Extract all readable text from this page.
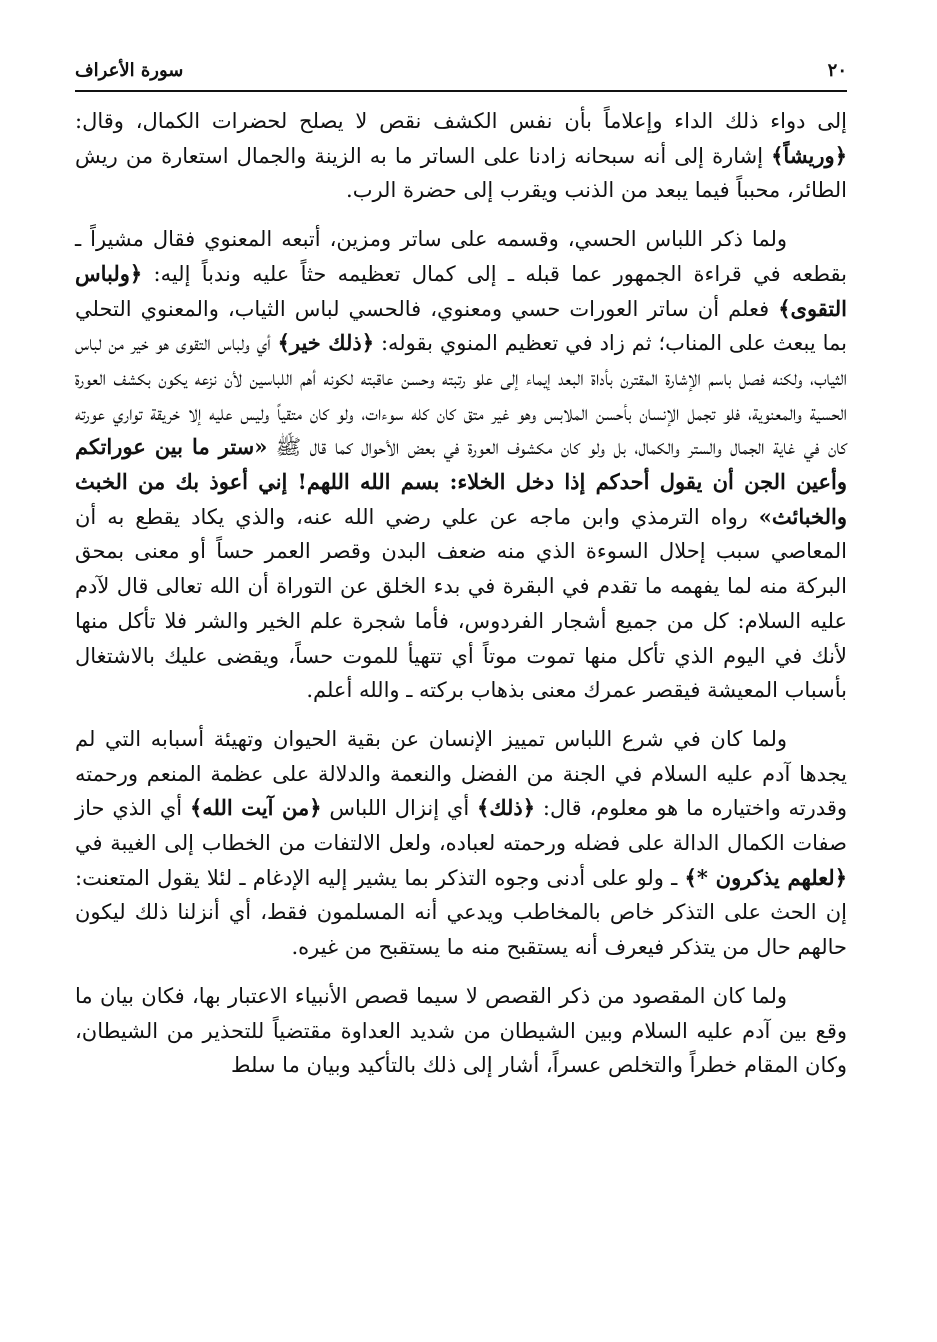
٢٠
سورة الأعراف

إلى دواء ذلك الداء وإعلاماً بأن نفس الكشف نقص لا يصلح لحضرات الكمال، وقال: ﴿وريشاً﴾ إشارة إلى أنه سبحانه زادنا على الساتر ما به الزينة والجمال استعارة من ريش الطائر، محبباً فيما يبعد من الذنب ويقرب إلى حضرة الرب.

ولما ذكر اللباس الحسي، وقسمه على ساتر ومزين، أتبعه المعنوي فقال مشيراً ـ بقطعه في قراءة الجمهور عما قبله ـ إلى كمال تعظيمه حثاً عليه وندباً إليه: ﴿ولباس التقوى﴾ فعلم أن ساتر العورات حسي ومعنوي، فالحسي لباس الثياب، والمعنوي التحلي بما يبعث على المناب؛ ثم زاد في تعظيم المنوي بقوله: ﴿ذلك خير﴾ أي ولباس التقوى هو خير من لباس الثياب، ولكنه فصل باسم الإشارة المقترن بأداة البعد إيماء إلى علو رتبته وحسن عاقبته لكونه أهم اللباسين لأن نزعه يكون بكشف العورة الحسية والمعنوية، فلو تجمل الإنسان بأحسن الملابس وهو غير متق كان كله سوءات، ولو كان متقياً وليس عليه إلا خريقة تواري عورته كان في غاية الجمال والستر والكمال، بل ولو كان مكشوف العورة في بعض الأحوال كما قال ﷺ «ستر ما بين عوراتكم وأعين الجن أن يقول أحدكم إذا دخل الخلاء: بسم الله اللهم! إني أعوذ بك من الخبث والخبائث» رواه الترمذي وابن ماجه عن علي رضي الله عنه، والذي يكاد يقطع به أن المعاصي سبب إحلال السوءة الذي منه ضعف البدن وقصر العمر حساً أو معنى بمحق البركة منه لما يفهمه ما تقدم في البقرة في بدء الخلق عن التوراة أن الله تعالى قال لآدم عليه السلام: كل من جميع أشجار الفردوس، فأما شجرة علم الخير والشر فلا تأكل منها لأنك في اليوم الذي تأكل منها تموت موتاً أي تتهيأ للموت حساً، ويقضى عليك بالاشتغال بأسباب المعيشة فيقصر عمرك معنى بذهاب بركته ـ والله أعلم.

ولما كان في شرع اللباس تمييز الإنسان عن بقية الحيوان وتهيئة أسبابه التي لم يجدها آدم عليه السلام في الجنة من الفضل والنعمة والدلالة على عظمة المنعم ورحمته وقدرته واختياره ما هو معلوم، قال: ﴿ذلك﴾ أي إنزال اللباس ﴿من آيت الله﴾ أي الذي حاز صفات الكمال الدالة على فضله ورحمته لعباده، ولعل الالتفات من الخطاب إلى الغيبة في ﴿لعلهم يذكرون *﴾ ـ ولو على أدنى وجوه التذكر بما يشير إليه الإدغام ـ لئلا يقول المتعنت: إن الحث على التذكر خاص بالمخاطب ويدعي أنه المسلمون فقط، أي أنزلنا ذلك ليكون حالهم حال من يتذكر فيعرف أنه يستقبح منه ما يستقبح من غيره.

ولما كان المقصود من ذكر القصص لا سيما قصص الأنبياء الاعتبار بها، فكان بيان ما وقع بين آدم عليه السلام وبين الشيطان من شديد العداوة مقتضياً للتحذير من الشيطان، وكان المقام خطراً والتخلص عسراً، أشار إلى ذلك بالتأكيد وبيان ما سلط
